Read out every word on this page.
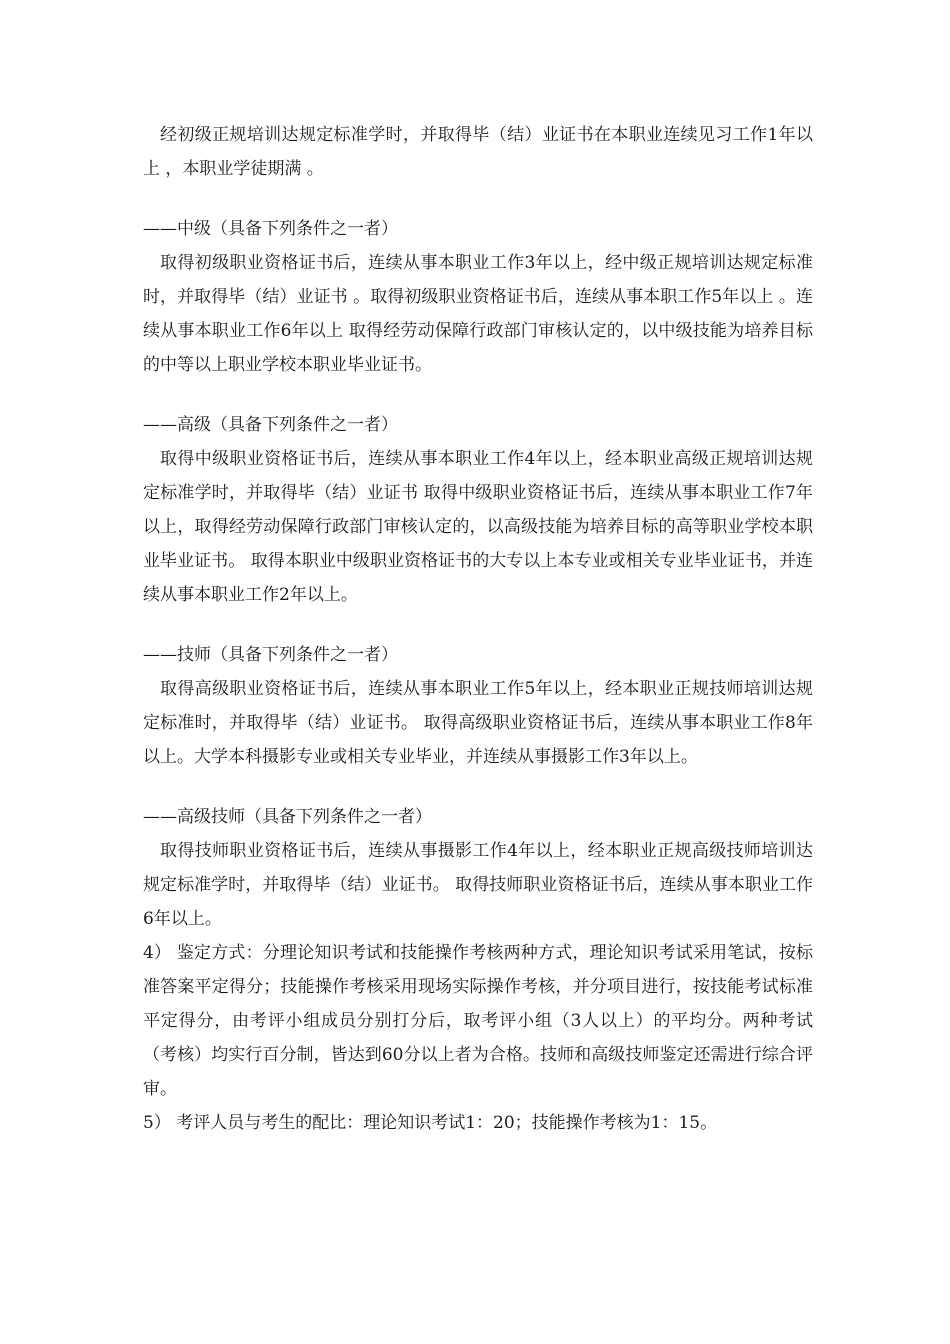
经初级正规培训达规定标准学时，并取得毕（结）业证书在本职业连续见习工作1年以上 ，本职业学徒期满 。

——中级（具备下列条件之一者）

取得初级职业资格证书后，连续从事本职业工作3年以上，经中级正规培训达规定标准时，并取得毕（结）业证书 。取得初级职业资格证书后，连续从事本职工作5年以上 。连续从事本职业工作6年以上 取得经劳动保障行政部门审核认定的，以中级技能为培养目标的中等以上职业学校本职业毕业证书。

——高级（具备下列条件之一者）

取得中级职业资格证书后，连续从事本职业工作4年以上，经本职业高级正规培训达规定标准学时，并取得毕（结）业证书 取得中级职业资格证书后，连续从事本职业工作7年以上，取得经劳动保障行政部门审核认定的，以高级技能为培养目标的高等职业学校本职业毕业证书。 取得本职业中级职业资格证书的大专以上本专业或相关专业毕业证书，并连续从事本职业工作2年以上。

——技师（具备下列条件之一者）

取得高级职业资格证书后，连续从事本职业工作5年以上，经本职业正规技师培训达规定标准时，并取得毕（结）业证书。 取得高级职业资格证书后，连续从事本职业工作8年以上。大学本科摄影专业或相关专业毕业，并连续从事摄影工作3年以上。

——高级技师（具备下列条件之一者）

取得技师职业资格证书后，连续从事摄影工作4年以上，经本职业正规高级技师培训达规定标准学时，并取得毕（结）业证书。 取得技师职业资格证书后，连续从事本职业工作6年以上。

4） 鉴定方式：分理论知识考试和技能操作考核两种方式，理论知识考试采用笔试，按标准答案平定得分；技能操作考核采用现场实际操作考核，并分项目进行，按技能考试标准平定得分，由考评小组成员分别打分后，取考评小组（3人以上）的平均分。两种考试（考核）均实行百分制，皆达到60分以上者为合格。技师和高级技师鉴定还需进行综合评审。

5） 考评人员与考生的配比：理论知识考试1：20；技能操作考核为1：15。
